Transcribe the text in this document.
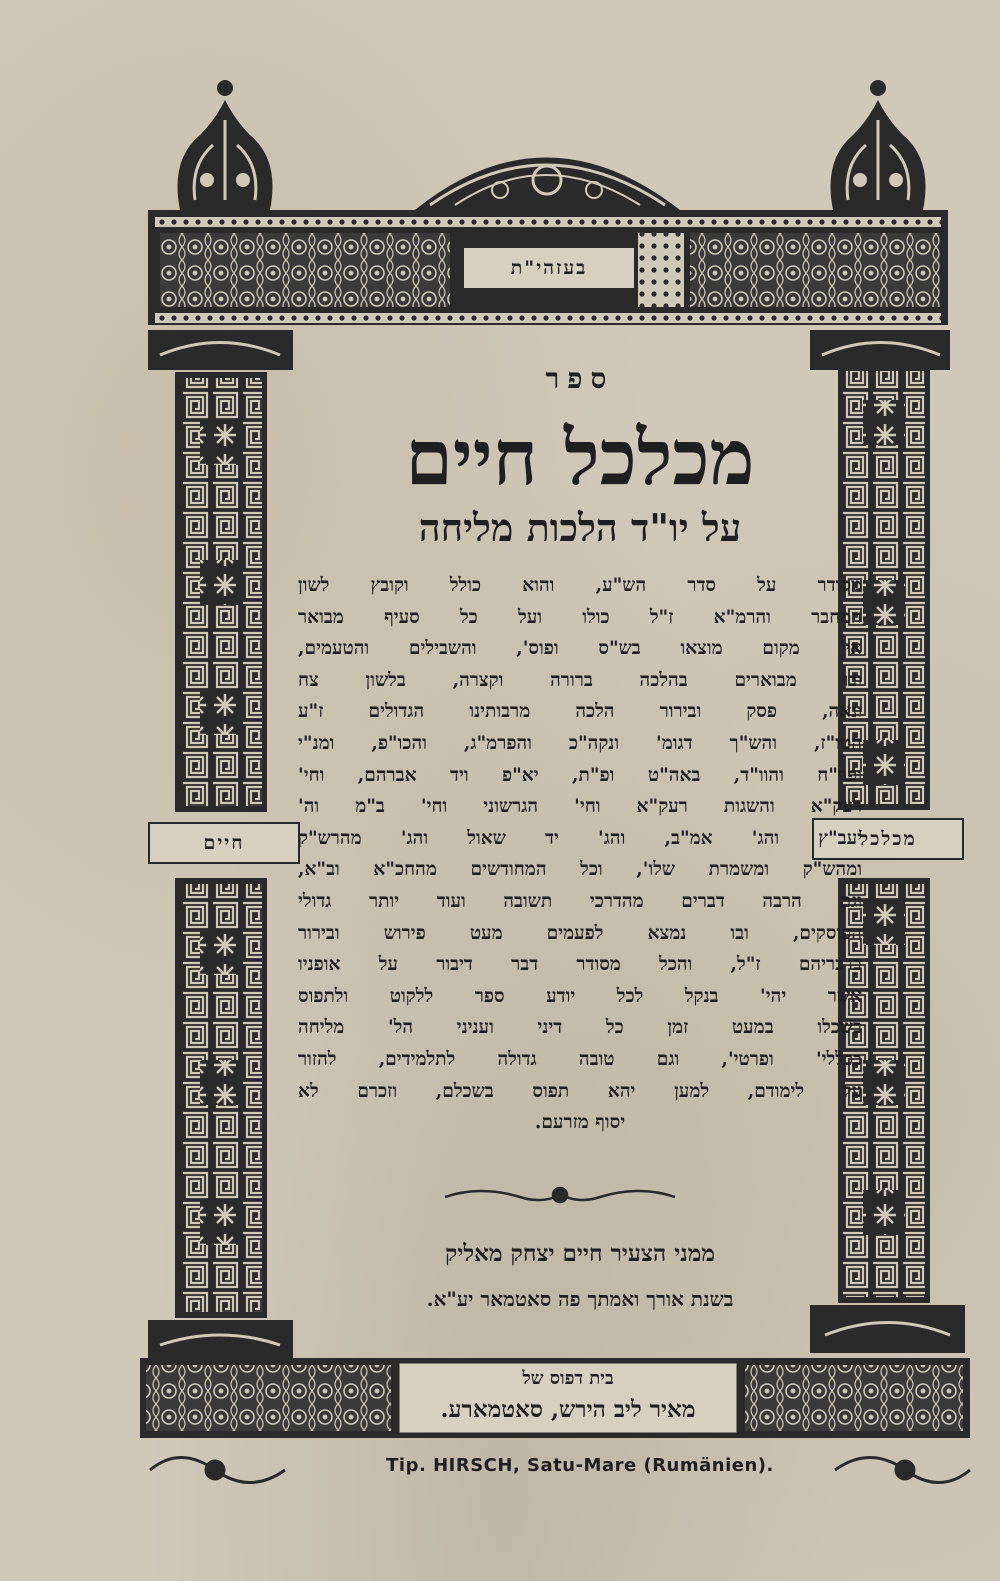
בעזהי"ת
מכלכל
חיים
ספר
מכלכל חיים
על יו"ד הלכות מליחה
מסודר על סדר הש"ע, והוא כולל וקובץ לשון
המחבר והרמ"א ז"ל כולו ועל כל סעיף מבואר
אי' מקום מוצאו בש"ס ופוס', והשבילים והטעמים,
ובו מבוארים בהלכה ברורה וקצרה, בלשון צח
ונאה, פסק ובירור הלכה מרבותינו הגדולים ז"ע
הטו"ז, והש"ך דגומ' ונקה"כ והפרמ"ג, והכו"פ, ומנ"י
ופר"ח והוו"ד, באה"ט ופ"ת, יא"פ ויד אברהם, וחי'
רעק"א והשגות רעק"א וחי' הגרשוני וחי' ב"מ וה'
יעב"ץ והג' אמ"ב, והג' יד שאול והג' מהרש"ק
ומהש"ק ומשמרת שלו', וכל המחודשים מהחכ"א וב"א,
וגם הרבה דברים מהדרכי תשובה ועוד יותר גדולי
הפוסקים, ובו נמצא לפעמים מעט פירוש ובירור
בדבריהם ז"ל, והכל מסודר דבר דיבור על אופניו
אשר יהי' בנקל לכל יודע ספר ללקוט ולתפוס
בשכלו במעט זמן כל דיני ועניני הל' מליחה
בכללי' ופרטי', וגם טובה גדולה לתלמידים, להזור
על לימודם, למען יהא תפוס בשכלם, וזכרם לא
יסוף מזרעם.
ממני הצעיר חיים יצחק מאליק
בשנת אורך ואמתך פה סאטמאר יע"א.
בית דפוס של
מאיר ליב הירש, סאטמארע.
Tip. HIRSCH, Satu-Mare (Rumänien).
